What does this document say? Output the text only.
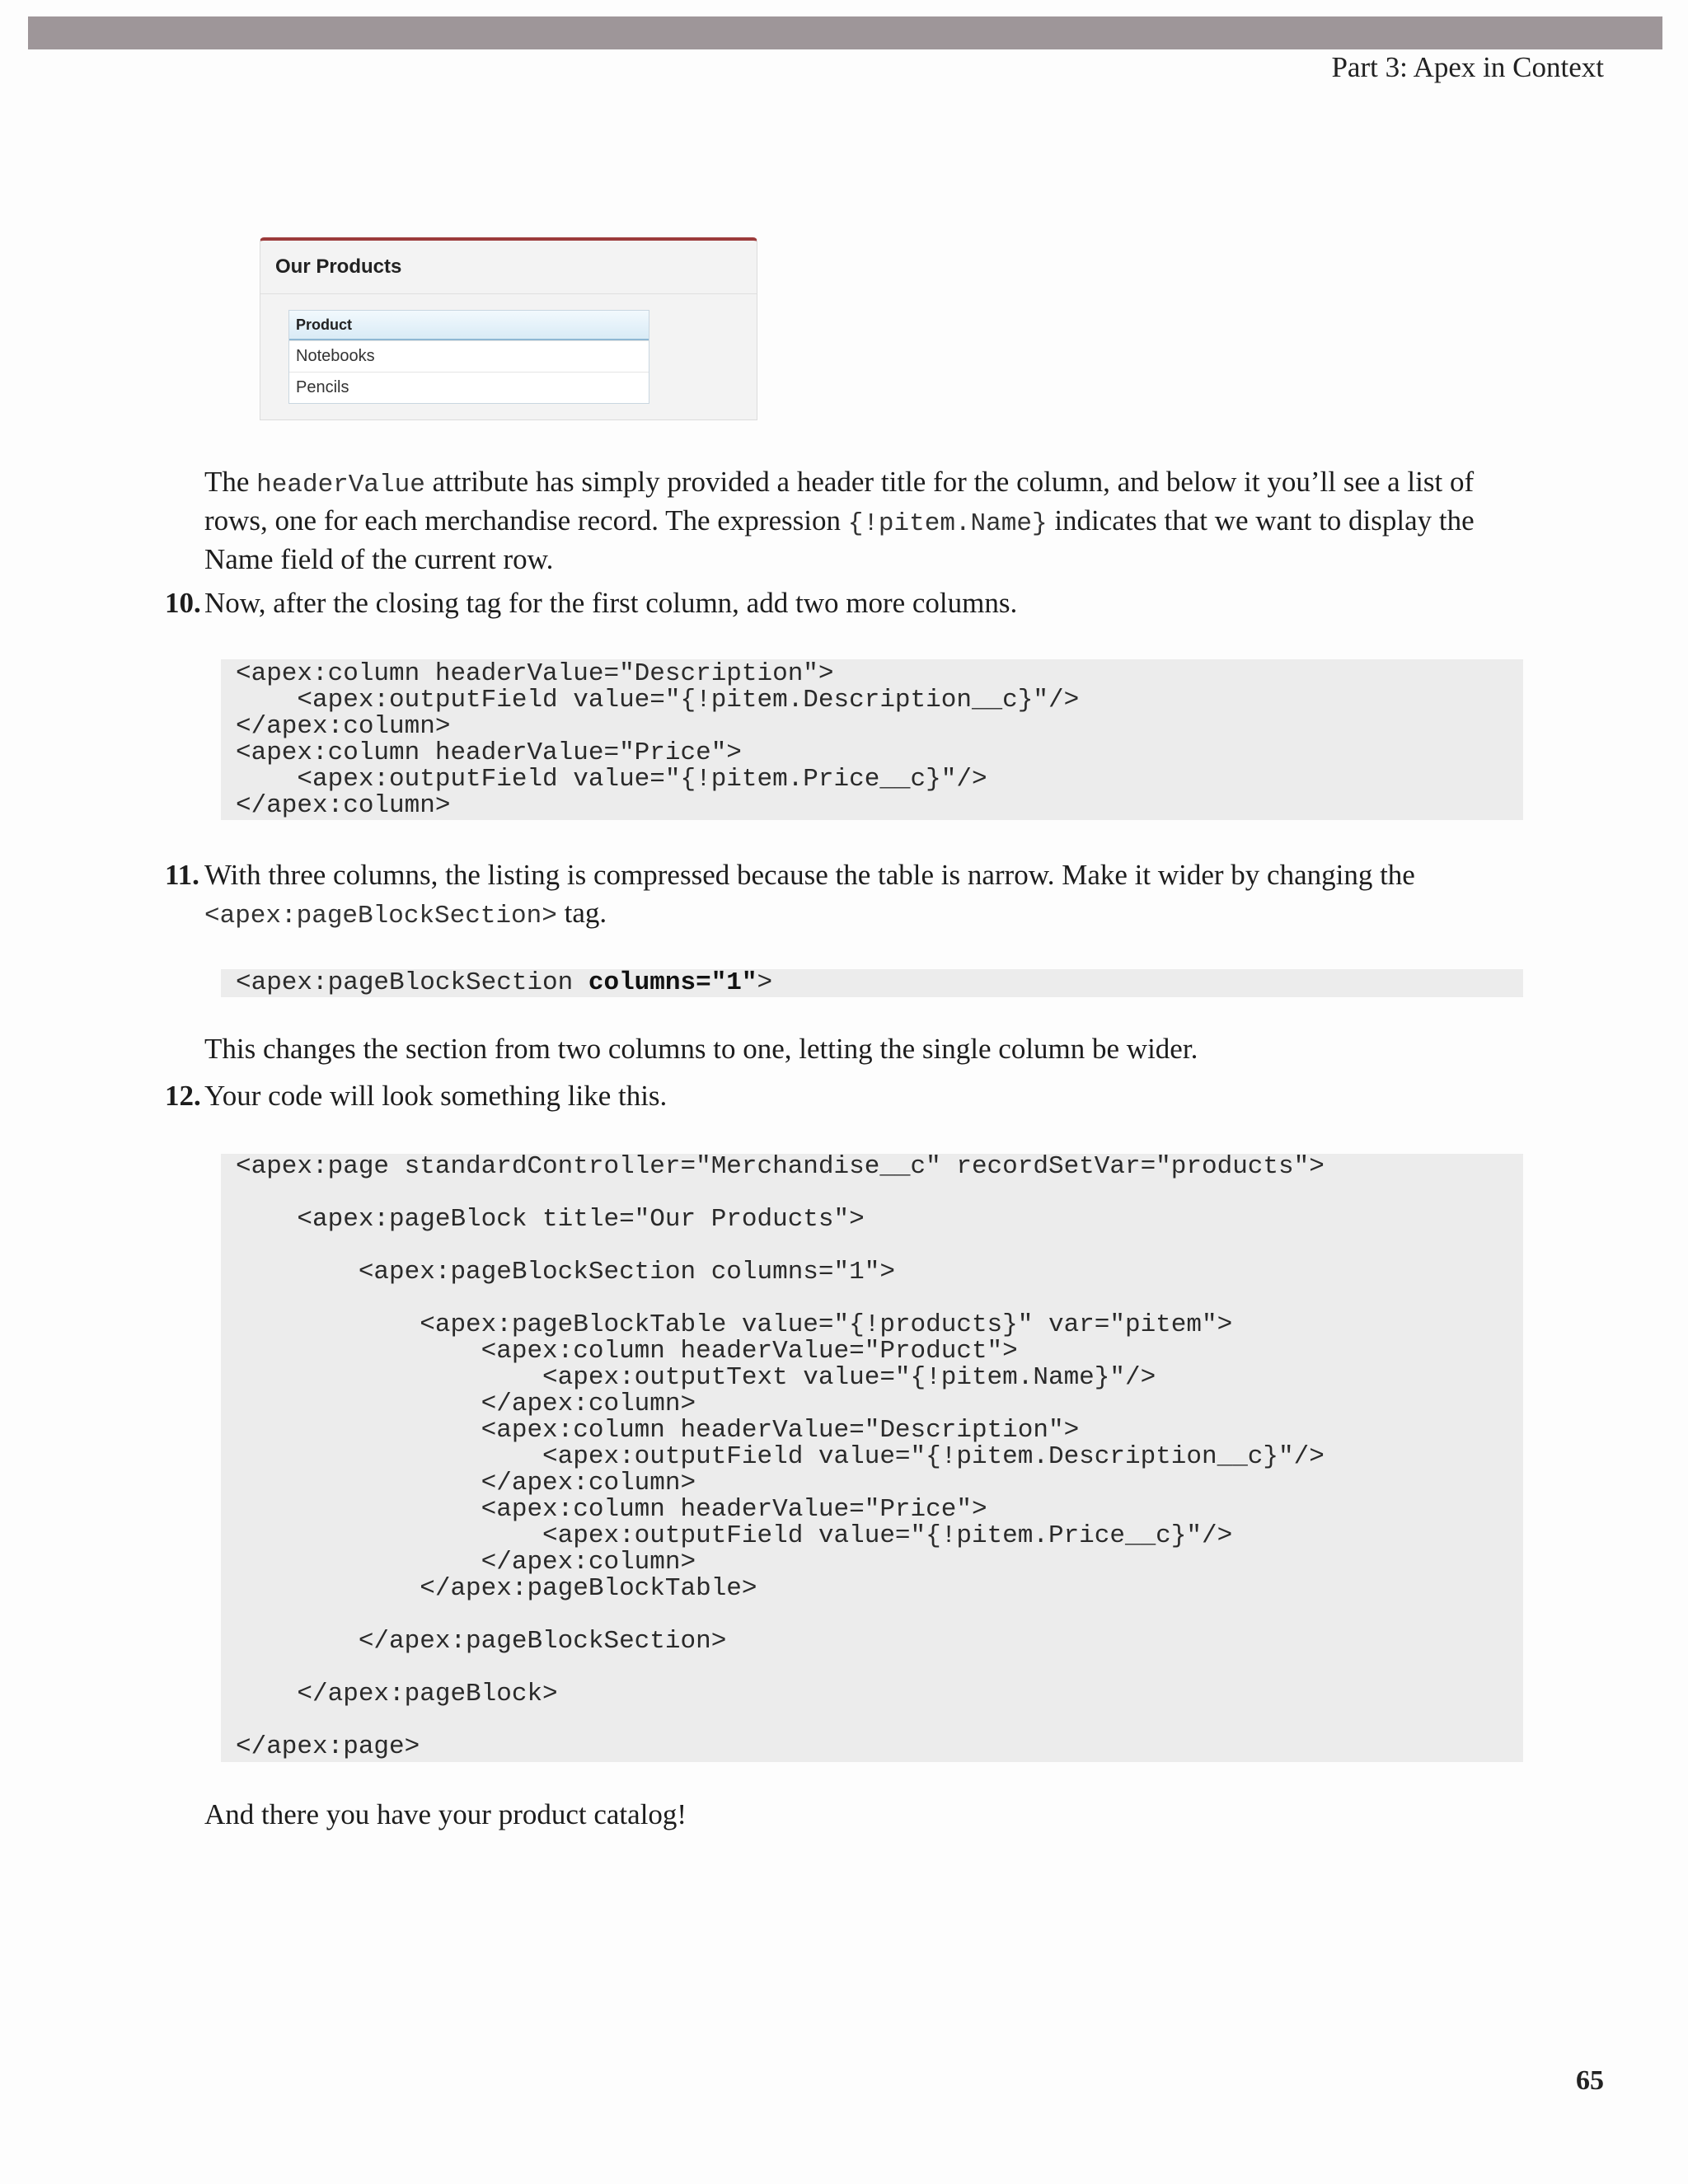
Part 3: Apex in Context
Our Products
Product
Notebooks
Pencils
The headerValue attribute has simply provided a header title for the column, and below it you’ll see a list of rows, one for each merchandise record. The expression {!pitem.Name} indicates that we want to display the Name field of the current row.
10. Now, after the closing tag for the first column, add two more columns.
<apex:column headerValue="Description">
<apex:outputField value="{!pitem.Description__c}"/>
</apex:column>
<apex:column headerValue="Price">
<apex:outputField value="{!pitem.Price__c}"/>
</apex:column>
11. With three columns, the listing is compressed because the table is narrow. Make it wider by changing the
<apex:pageBlockSection> tag.
<apex:pageBlockSection columns="1">
This changes the section from two columns to one, letting the single column be wider.
12. Your code will look something like this.
<apex:page standardController="Merchandise__c" recordSetVar="products">
<apex:pageBlock title="Our Products">
<apex:pageBlockSection columns="1">
<apex:pageBlockTable value="{!products}" var="pitem">
<apex:column headerValue="Product">
<apex:outputText value="{!pitem.Name}"/>
</apex:column>
<apex:column headerValue="Description">
<apex:outputField value="{!pitem.Description__c}"/>
</apex:column>
<apex:column headerValue="Price">
<apex:outputField value="{!pitem.Price__c}"/>
</apex:column>
</apex:pageBlockTable>
</apex:pageBlockSection>
</apex:pageBlock>
</apex:page>
And there you have your product catalog!
65
